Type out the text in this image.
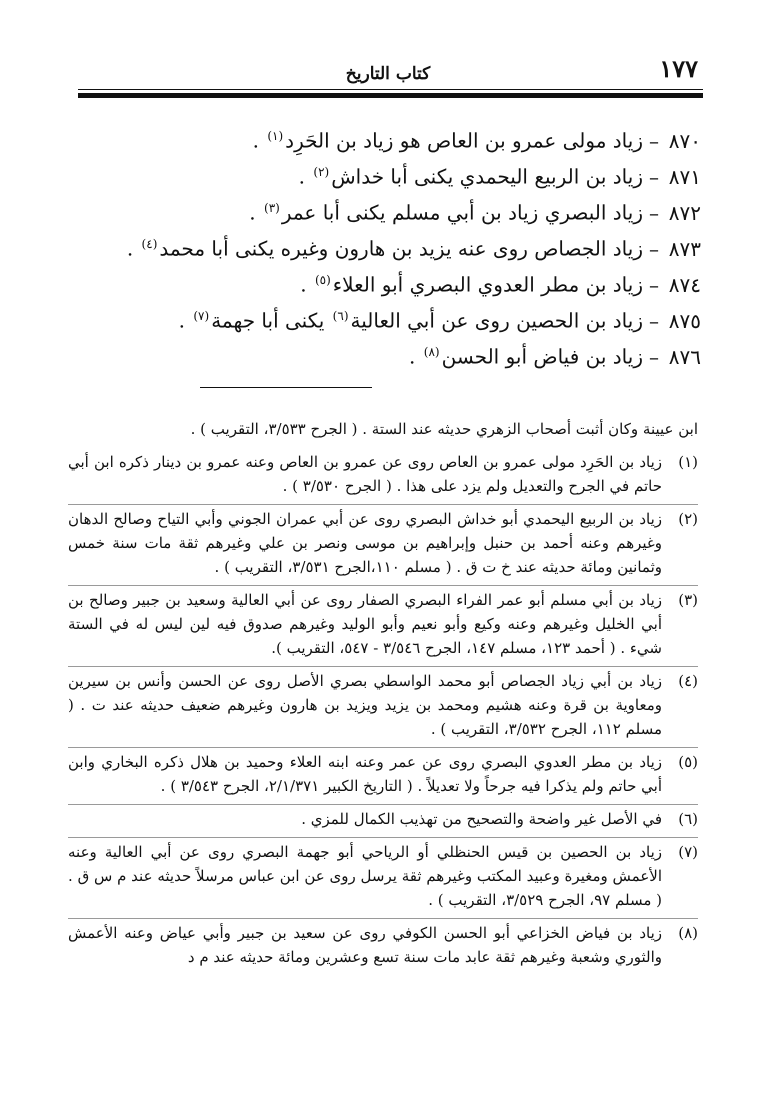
١٧٧
كتاب التاريخ
٨٧٠–زياد مولى عمرو بن العاص هو زياد بن الحَرِد$^{(١)}$ .
٨٧١–زياد بن الربيع اليحمدي يكنى أبا خداش$^{(٢)}$ .
٨٧٢–زياد البصري زياد بن أبي مسلم يكنى أبا عمر$^{(٣)}$ .
٨٧٣–زياد الجصاص روى عنه يزيد بن هارون وغيره يكنى أبا محمد$^{(٤)}$ .
٨٧٤–زياد بن مطر العدوي البصري أبو العلاء$^{(٥)}$ .
٨٧٥–زياد بن الحصين روى عن أبي العالية$^{(٦)}$ يكنى أبا جهمة$^{(٧)}$ .
٨٧٦–زياد بن فياض أبو الحسن$^{(٨)}$ .
ابن عيينة وكان أثبت أصحاب الزهري حديثه عند الستة . ( الجرح ٣/٥٣٣، التقريب ) .
(١)
زياد بن الحَرِد مولى عمرو بن العاص روى عن عمرو بن العاص وعنه عمرو بن دينار ذكره ابن أبي حاتم في الجرح والتعديل ولم يزد على هذا . ( الجرح ٣/٥٣٠ ) .
(٢)
زياد بن الربيع اليحمدي أبو خداش البصري روى عن أبي عمران الجوني وأبي التياح وصالح الدهان وغيرهم وعنه أحمد بن حنبل وإبراهيم بن موسى ونصر بن علي وغيرهم ثقة مات سنة خمس وثمانين ومائة حديثه عند خ ت ق . ( مسلم ١١٠،الجرح ٣/٥٣١، التقريب ) .
(٣)
زياد بن أبي مسلم أبو عمر الفراء البصري الصفار روى عن أبي العالية وسعيد بن جبير وصالح بن أبي الخليل وغيرهم وعنه وكيع وأبو نعيم وأبو الوليد وغيرهم صدوق فيه لين ليس له في الستة شيء . ( أحمد ١٢٣، مسلم ١٤٧، الجرح ٣/٥٤٦ - ٥٤٧، التقريب ).
(٤)
زياد بن أبي زياد الجصاص أبو محمد الواسطي بصري الأصل روى عن الحسن وأنس بن سيرين ومعاوية بن قرة وعنه هشيم ومحمد بن يزيد ويزيد بن هارون وغيرهم ضعيف حديثه عند ت . ( مسلم ١١٢، الجرح ٣/٥٣٢، التقريب ) .
(٥)
زياد بن مطر العدوي البصري روى عن عمر وعنه ابنه العلاء وحميد بن هلال ذكره البخاري وابن أبي حاتم ولم يذكرا فيه جرحاً ولا تعديلاً . ( التاريخ الكبير ٢/١/٣٧١، الجرح ٣/٥٤٣ ) .
(٦)
في الأصل غير واضحة والتصحيح من تهذيب الكمال للمزي .
(٧)
زياد بن الحصين بن قيس الحنظلي أو الرياحي أبو جهمة البصري روى عن أبي العالية وعنه الأعمش ومغيرة وعبيد المكتب وغيرهم ثقة يرسل روى عن ابن عباس مرسلاً حديثه عند م س ق . ( مسلم ٩٧، الجرح ٣/٥٢٩، التقريب ) .
(٨)
زياد بن فياض الخزاعي أبو الحسن الكوفي روى عن سعيد بن جبير وأبي عياض وعنه الأعمش والثوري وشعبة وغيرهم ثقة عابد مات سنة تسع وعشرين ومائة حديثه عند م د
